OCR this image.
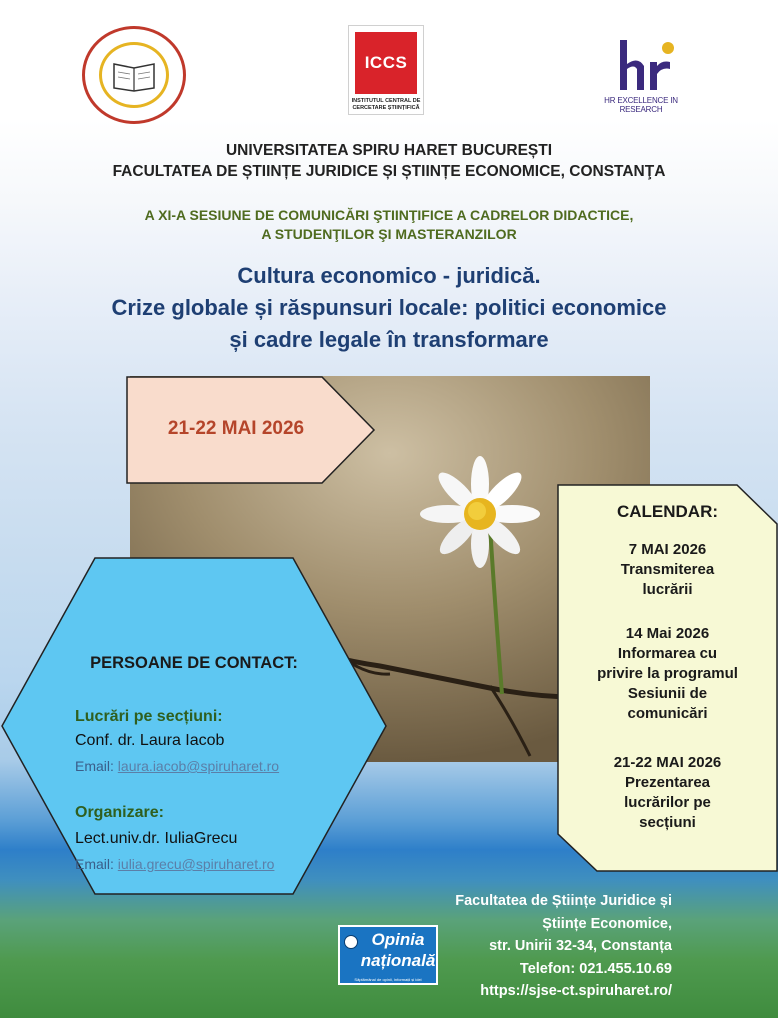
ICCS
INSTITUTUL CENTRAL DE CERCETARE ȘTIINȚIFICĂ
HR EXCELLENCE IN RESEARCH
UNIVERSITATEA SPIRU HARET BUCUREȘTI
FACULTATEA DE ȘTIINȚE JURIDICE ȘI ȘTIINȚE ECONOMICE, CONSTANŢA
A XI-A SESIUNE DE COMUNICĂRI ŞTIINŢIFICE A CADRELOR DIDACTICE,
A STUDENŢILOR ŞI MASTERANZILOR
Cultura economico - juridică.
Crize globale și răspunsuri locale: politici economice
și cadre legale în transformare
21-22 MAI 2026
CALENDAR:
7 MAI 2026
Transmiterea
lucrării
14 Mai 2026
Informarea cu
privire la programul
Sesiunii de
comunicări
21-22 MAI 2026
Prezentarea
lucrărilor pe
secțiuni
PERSOANE DE CONTACT:
Lucrări pe secțiuni:
Conf. dr. Laura Iacob
Email: laura.iacob@spiruharet.ro
Organizare:
Lect.univ.dr. IuliaGrecu
Email: iulia.grecu@spiruharet.ro
Opinia
națională
Săptămânal de opinii, informații și idei
Facultatea de Științe Juridice și
Științe Economice,
str. Unirii 32-34, Constanța
Telefon: 021.455.10.69
https://sjse-ct.spiruharet.ro/
